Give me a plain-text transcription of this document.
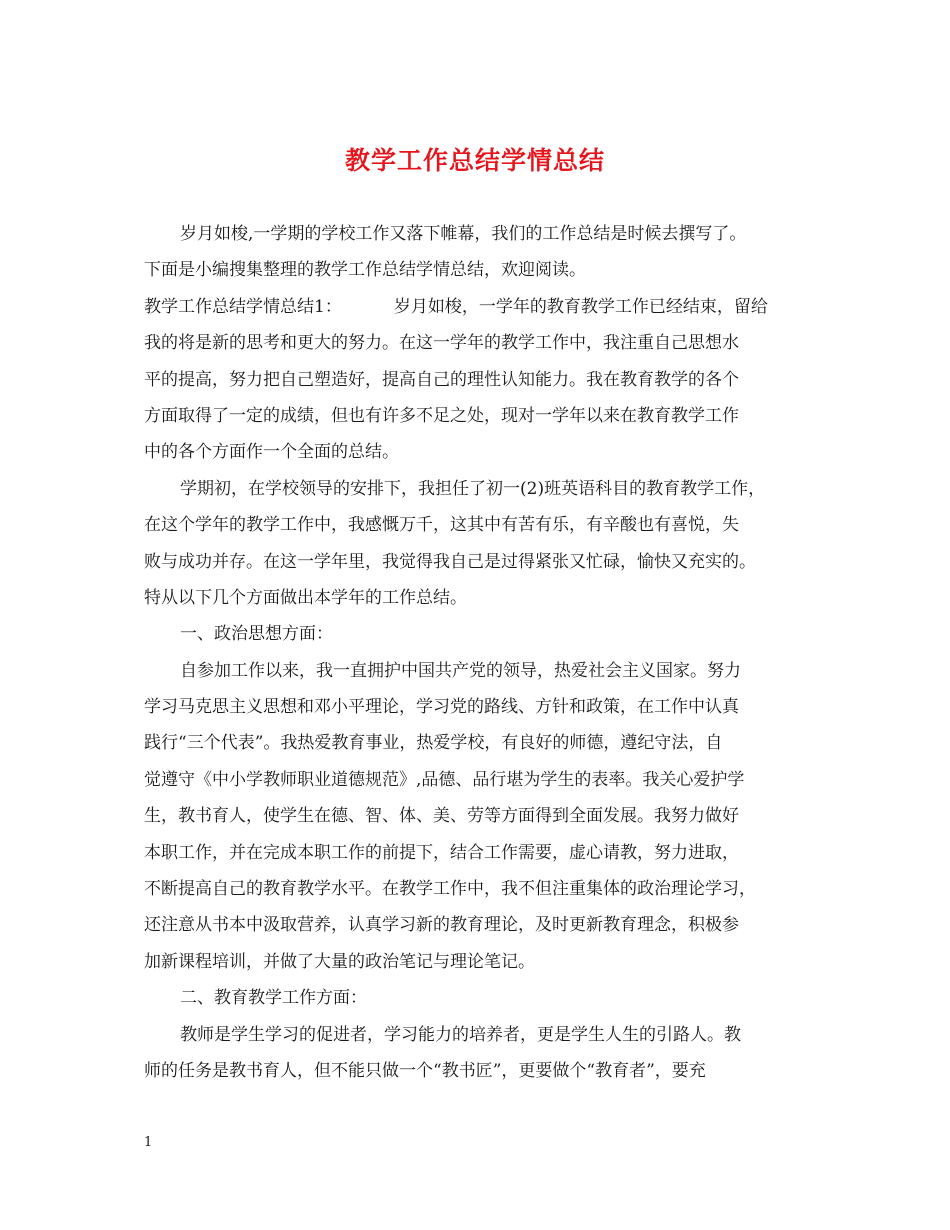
教学工作总结学情总结
岁月如梭,一学期的学校工作又落下帷幕，我们的工作总结是时候去撰写了。
下面是小编搜集整理的教学工作总结学情总结，欢迎阅读。
教学工作总结学情总结1：	岁月如梭，一学年的教育教学工作已经结束，留给
我的将是新的思考和更大的努力。在这一学年的教学工作中，我注重自己思想水
平的提高，努力把自己塑造好，提高自己的理性认知能力。我在教育教学的各个
方面取得了一定的成绩，但也有许多不足之处，现对一学年以来在教育教学工作
中的各个方面作一个全面的总结。
学期初，在学校领导的安排下，我担任了初一(2)班英语科目的教育教学工作，
在这个学年的教学工作中，我感慨万千，这其中有苦有乐，有辛酸也有喜悦，失
败与成功并存。在这一学年里，我觉得我自己是过得紧张又忙碌，愉快又充实的。
特从以下几个方面做出本学年的工作总结。
一、政治思想方面：
自参加工作以来，我一直拥护中国共产党的领导，热爱社会主义国家。努力
学习马克思主义思想和邓小平理论，学习党的路线、方针和政策，在工作中认真
践行“三个代表”。我热爱教育事业，热爱学校，有良好的师德，遵纪守法，自
觉遵守《中小学教师职业道德规范》,品德、品行堪为学生的表率。我关心爱护学
生，教书育人，使学生在德、智、体、美、劳等方面得到全面发展。我努力做好
本职工作，并在完成本职工作的前提下，结合工作需要，虚心请教，努力进取，
不断提高自己的教育教学水平。在教学工作中，我不但注重集体的政治理论学习，
还注意从书本中汲取营养，认真学习新的教育理论，及时更新教育理念，积极参
加新课程培训，并做了大量的政治笔记与理论笔记。
二、教育教学工作方面：
教师是学生学习的促进者，学习能力的培养者，更是学生人生的引路人。教
师的任务是教书育人，但不能只做一个“教书匠”，更要做个“教育者”，要充
1
